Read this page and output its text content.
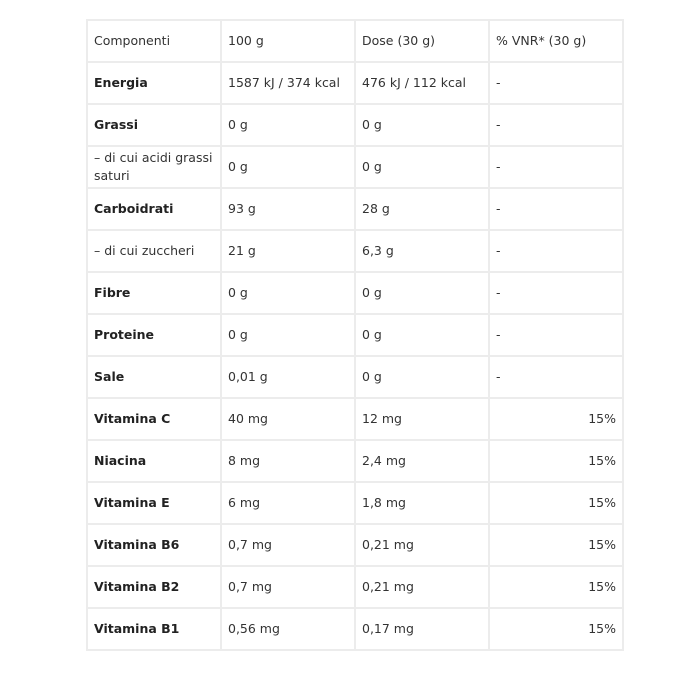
Componenti	100 g	Dose (30 g)	% VNR* (30 g)
Energia	1587 kJ / 374 kcal	476 kJ / 112 kcal	-
Grassi	0 g	0 g	-
– di cui acidi grassi saturi	0 g	0 g	-
Carboidrati	93 g	28 g	-
– di cui zuccheri	21 g	6,3 g	-
Fibre	0 g	0 g	-
Proteine	0 g	0 g	-
Sale	0,01 g	0 g	-
Vitamina C	40 mg	12 mg	15%
Niacina	8 mg	2,4 mg	15%
Vitamina E	6 mg	1,8 mg	15%
Vitamina B6	0,7 mg	0,21 mg	15%
Vitamina B2	0,7 mg	0,21 mg	15%
Vitamina B1	0,56 mg	0,17 mg	15%
